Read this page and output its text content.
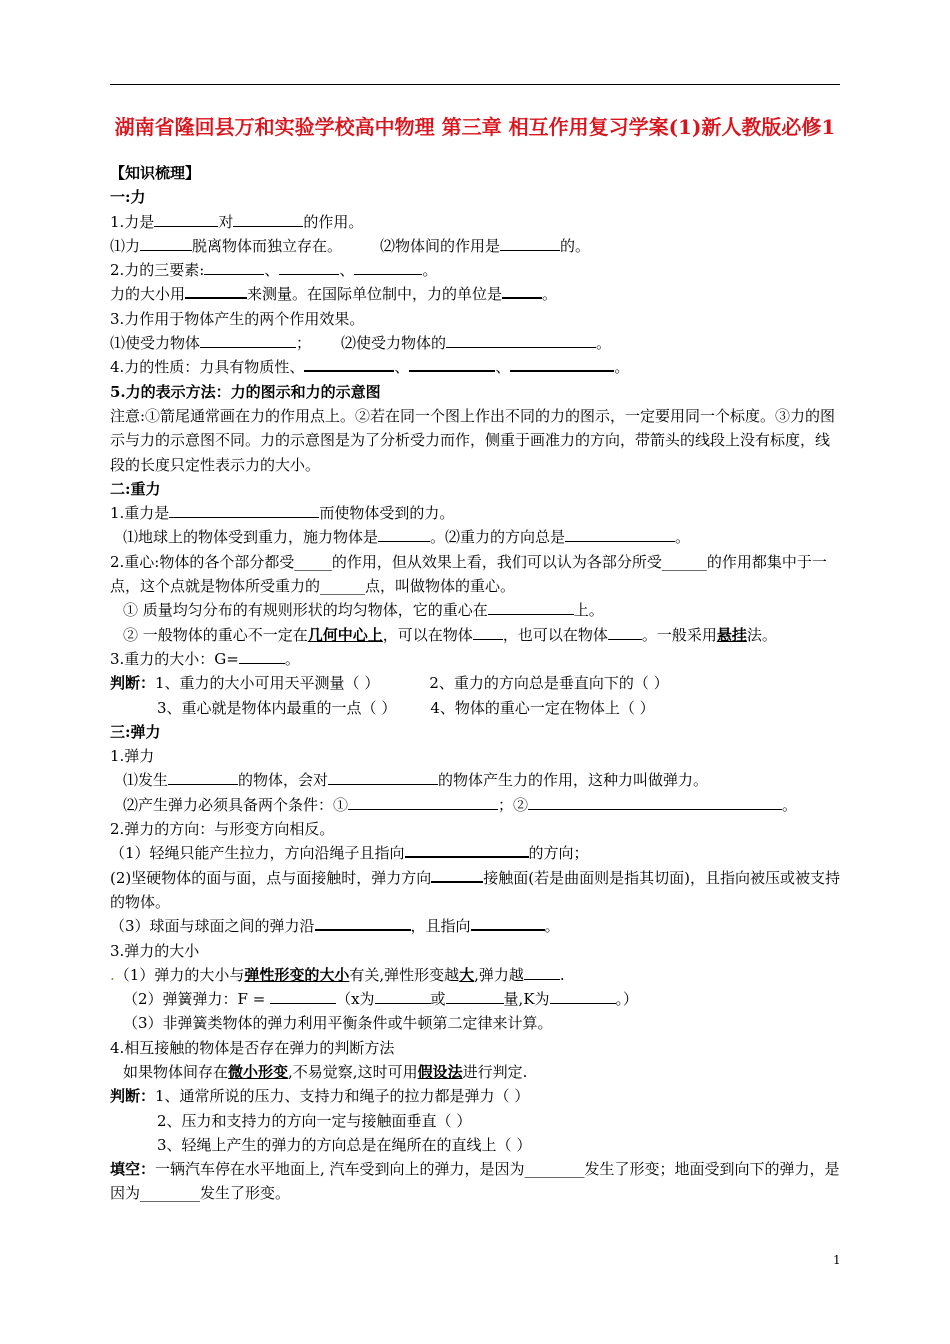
湖南省隆回县万和实验学校高中物理 第三章 相互作用复习学案(1)新人教版必修1

【知识梳理】

一:力

1.力是	对	的作用。

⑴力	脱离物体而独立存在。	⑵物体间的作用是	的。

2.力的三要素:	、	、	。

力的大小用	来测量。在国际单位制中，力的单位是	。

3.力作用于物体产生的两个作用效果。

⑴使受力物体	； ⑵使受力物体的	。

4.力的性质：力具有物质性、	、	、	。

5.力的表示方法：力的图示和力的示意图

注意:①箭尾通常画在力的作用点上。②若在同一个图上作出不同的力的图示，一定要用同一个标度。③力的图示与力的示意图不同。力的示意图是为了分析受力而作，侧重于画准力的方向，带箭头的线段上没有标度，线段的长度只定性表示力的大小。

二:重力

1.重力是	而使物体受到的力。

⑴地球上的物体受到重力，施力物体是	。⑵重力的方向总是	。

2.重心:物体的各个部分都受_____的作用，但从效果上看，我们可以认为各部分所受______的作用都集中于一点，这个点就是物体所受重力的______点，叫做物体的重心。

① 质量均匀分布的有规则形状的均匀物体，它的重心在	上。

② 一般物体的重心不一定在几何中心上，可以在物体 ，也可以在物体 。一般采用悬挂法。

3.重力的大小：G=	。

判断：1、重力的大小可用天平测量（ ）	2、重力的方向总是垂直向下的（ ）

3、重心就是物体内最重的一点（ ） 4、物体的重心一定在物体上（ ）

三:弹力

1.弹力

⑴发生	的物体，会对	的物体产生力的作用，这种力叫做弹力。

⑵产生弹力必须具备两个条件：①	；②	。

2.弹力的方向：与形变方向相反。

（1）轻绳只能产生拉力，方向沿绳子且指向	的方向；

(2)坚硬物体的面与面，点与面接触时，弹力方向	接触面(若是曲面则是指其切面)，且指向被压或被支持的物体。

（3）球面与球面之间的弹力沿	，且指向	。

3.弹力的大小

.（1）弹力的大小与弹性形变的大小有关,弹性形变越大,弹力越 .

（2）弹簧弹力：F =	（x为	或	量,K为	。）

（3）非弹簧类物体的弹力利用平衡条件或牛顿第二定律来计算。

4.相互接触的物体是否存在弹力的判断方法

如果物体间存在微小形变,不易觉察,这时可用假设法进行判定.

判断：1、通常所说的压力、支持力和绳子的拉力都是弹力（ ）

2、压力和支持力的方向一定与接触面垂直（ ）

3、轻绳上产生的弹力的方向总是在绳所在的直线上（ ）

填空：一辆汽车停在水平地面上, 汽车受到向上的弹力，是因为________发生了形变；地面受到向下的弹力，是因为________发生了形变。

1
